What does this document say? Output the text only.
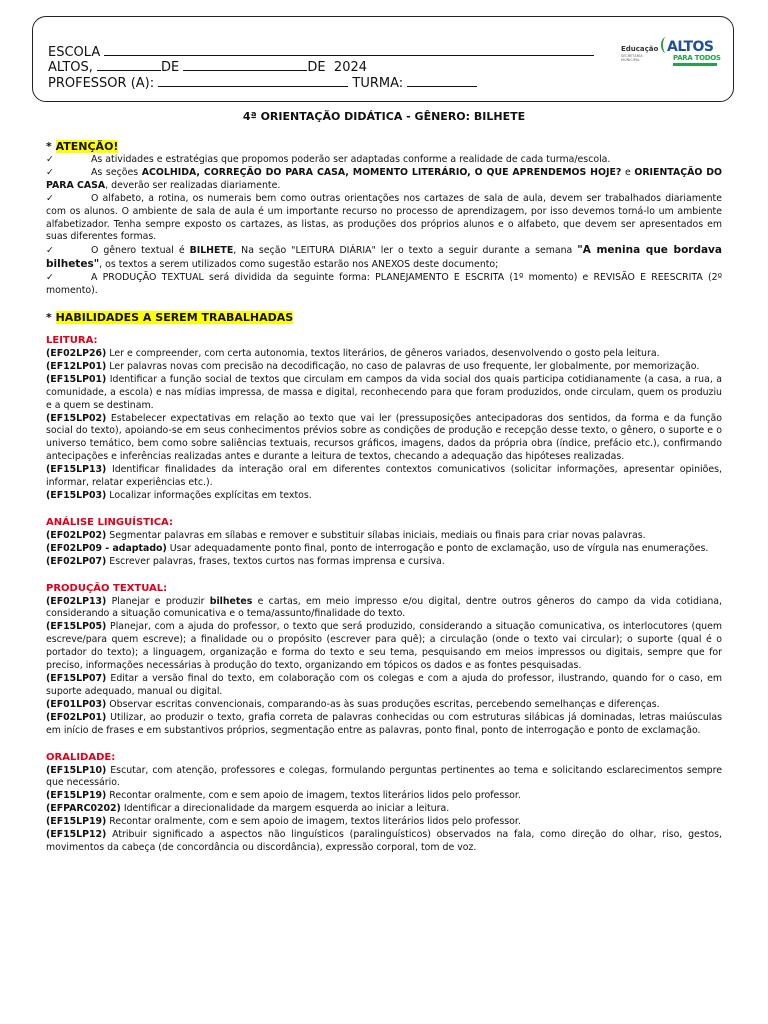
ESCOLA
ALTOS,	DE	DE 2024
PROFESSOR (A):	TURMA:
Educação
SECRETARIA MUNICIPAL
ALTOS
PARA TODOS
4ª ORIENTAÇÃO DIDÁTICA - GÊNERO: BILHETE

* ATENÇÃO!

✓	As atividades e estratégias que propomos poderão ser adaptadas conforme a realidade de cada turma/escola.

✓	As seções ACOLHIDA, CORREÇÃO DO PARA CASA, MOMENTO LITERÁRIO, O QUE APRENDEMOS HOJE? e ORIENTAÇÃO DO PARA CASA, deverão ser realizadas diariamente.

✓	O alfabeto, a rotina, os numerais bem como outras orientações nos cartazes de sala de aula, devem ser trabalhados diariamente com os alunos. O ambiente de sala de aula é um importante recurso no processo de aprendizagem, por isso devemos torná-lo um ambiente alfabetizador. Tenha sempre exposto os cartazes, as listas, as produções dos próprios alunos e o alfabeto, que devem ser apresentados em suas diferentes formas.

✓	O gênero textual é BILHETE, Na seção "LEITURA DIÁRIA" ler o texto a seguir durante a semana "A menina que bordava bilhetes", os textos a serem utilizados como sugestão estarão nos ANEXOS deste documento;

✓	A PRODUÇÃO TEXTUAL será dividida da seguinte forma: PLANEJAMENTO E ESCRITA (1º momento) e REVISÃO E REESCRITA (2º momento).

* HABILIDADES A SEREM TRABALHADAS

LEITURA:

(EF02LP26) Ler e compreender, com certa autonomia, textos literários, de gêneros variados, desenvolvendo o gosto pela leitura.

(EF12LP01) Ler palavras novas com precisão na decodificação, no caso de palavras de uso frequente, ler globalmente, por memorização.

(EF15LP01) Identificar a função social de textos que circulam em campos da vida social dos quais participa cotidianamente (a casa, a rua, a comunidade, a escola) e nas mídias impressa, de massa e digital, reconhecendo para que foram produzidos, onde circulam, quem os produziu e a quem se destinam.

(EF15LP02) Estabelecer expectativas em relação ao texto que vai ler (pressuposições antecipadoras dos sentidos, da forma e da função social do texto), apoiando-se em seus conhecimentos prévios sobre as condições de produção e recepção desse texto, o gênero, o suporte e o universo temático, bem como sobre saliências textuais, recursos gráficos, imagens, dados da própria obra (índice, prefácio etc.), confirmando antecipações e inferências realizadas antes e durante a leitura de textos, checando a adequação das hipóteses realizadas.

(EF15LP13) Identificar finalidades da interação oral em diferentes contextos comunicativos (solicitar informações, apresentar opiniões, informar, relatar experiências etc.).

(EF15LP03) Localizar informações explícitas em textos.

ANÁLISE LINGUÍSTICA:

(EF02LP02) Segmentar palavras em sílabas e remover e substituir sílabas iniciais, mediais ou finais para criar novas palavras.

(EF02LP09 - adaptado) Usar adequadamente ponto final, ponto de interrogação e ponto de exclamação, uso de vírgula nas enumerações.

(EF02LP07) Escrever palavras, frases, textos curtos nas formas imprensa e cursiva.

PRODUÇÃO TEXTUAL:

(EF02LP13) Planejar e produzir bilhetes e cartas, em meio impresso e/ou digital, dentre outros gêneros do campo da vida cotidiana, considerando a situação comunicativa e o tema/assunto/finalidade do texto.

(EF15LP05) Planejar, com a ajuda do professor, o texto que será produzido, considerando a situação comunicativa, os interlocutores (quem escreve/para quem escreve); a finalidade ou o propósito (escrever para quê); a circulação (onde o texto vai circular); o suporte (qual é o portador do texto); a linguagem, organização e forma do texto e seu tema, pesquisando em meios impressos ou digitais, sempre que for preciso, informações necessárias à produção do texto, organizando em tópicos os dados e as fontes pesquisadas.

(EF15LP07) Editar a versão final do texto, em colaboração com os colegas e com a ajuda do professor, ilustrando, quando for o caso, em suporte adequado, manual ou digital.

(EF01LP03) Observar escritas convencionais, comparando-as às suas produções escritas, percebendo semelhanças e diferenças.

(EF02LP01) Utilizar, ao produzir o texto, grafia correta de palavras conhecidas ou com estruturas silábicas já dominadas, letras maiúsculas em início de frases e em substantivos próprios, segmentação entre as palavras, ponto final, ponto de interrogação e ponto de exclamação.

ORALIDADE:

(EF15LP10) Escutar, com atenção, professores e colegas, formulando perguntas pertinentes ao tema e solicitando esclarecimentos sempre que necessário.

(EF15LP19) Recontar oralmente, com e sem apoio de imagem, textos literários lidos pelo professor.

(EFPARC0202) Identificar a direcionalidade da margem esquerda ao iniciar a leitura.

(EF15LP19) Recontar oralmente, com e sem apoio de imagem, textos literários lidos pelo professor.

(EF15LP12) Atribuir significado a aspectos não linguísticos (paralinguísticos) observados na fala, como direção do olhar, riso, gestos, movimentos da cabeça (de concordância ou discordância), expressão corporal, tom de voz.
